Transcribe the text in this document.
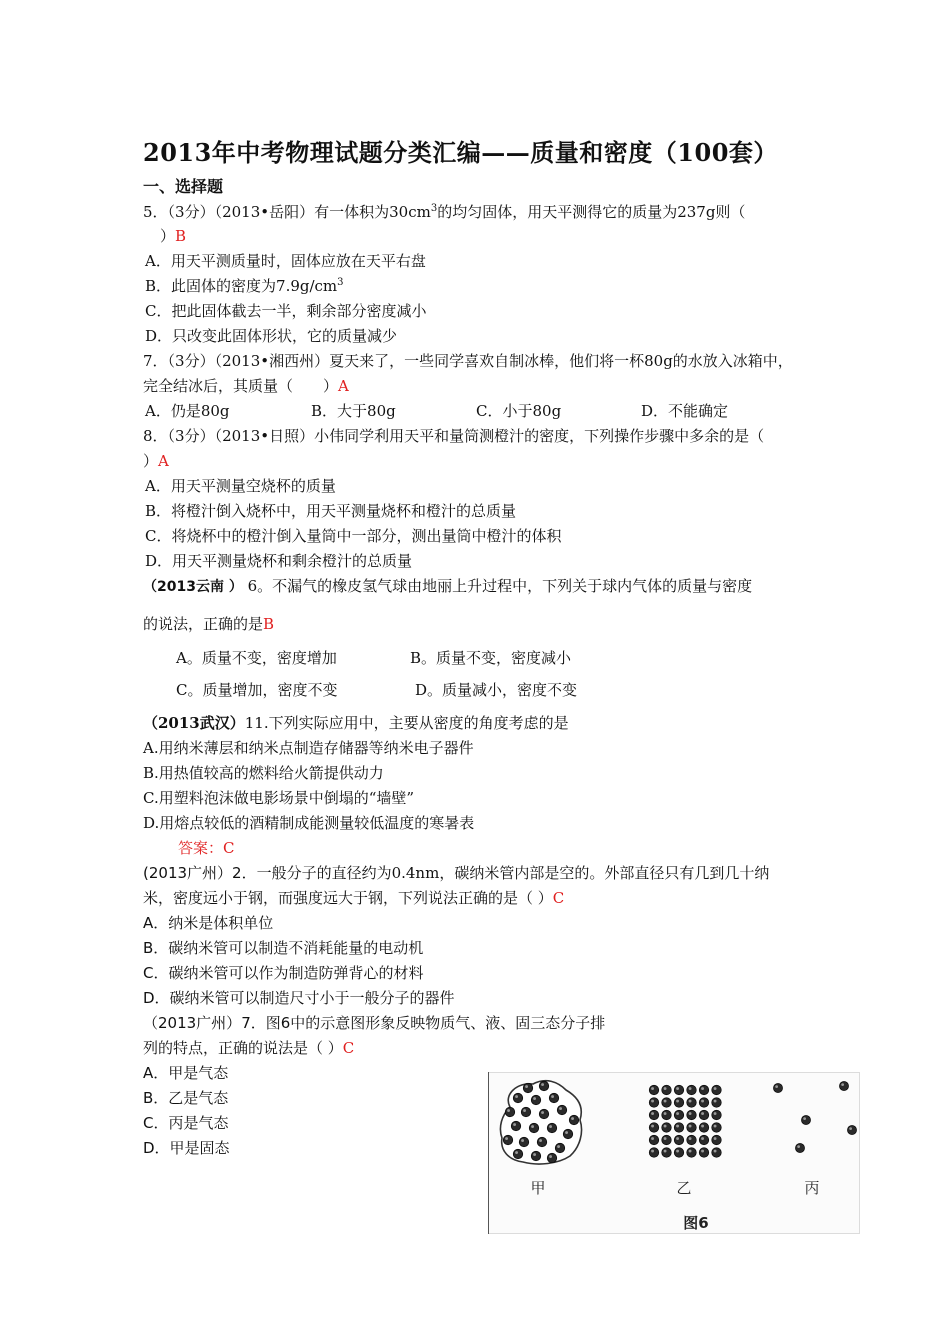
2013年中考物理试题分类汇编——质量和密度（100套）
一、选择题
5．（3分）（2013•岳阳）有一体积为$30cm^3$的均匀固体，用天平测得它的质量为237g则（
）B
A．用天平测质量时，固体应放在天平右盘
B．此固体的密度为$7.9g/cm^3$
C．把此固体截去一半，剩余部分密度减小
D．只改变此固体形状，它的质量减少
7．（3分）（2013•湘西州）夏天来了，一些同学喜欢自制冰棒，他们将一杯80g的水放入冰箱中，
完全结冰后，其质量（　　）A
A．仍是80g	B．大于80g	C．小于80g	D．不能确定
8．（3分）（2013•日照）小伟同学利用天平和量筒测橙汁的密度，下列操作步骤中多余的是（
）A
A．用天平测量空烧杯的质量
B．将橙汁倒入烧杯中，用天平测量烧杯和橙汁的总质量
C．将烧杯中的橙汁倒入量筒中一部分，测出量筒中橙汁的体积
D．用天平测量烧杯和剩余橙汁的总质量
（2013云南 ） 6。不漏气的橡皮氢气球由地丽上升过程中，下列关于球内气体的质量与密度
的说法，正确的是B
A。质量不变，密度增加	B。质量不变，密度减小
C。质量增加，密度不变	D。质量减小，密度不变
（2013武汉）11.下列实际应用中，主要从密度的角度考虑的是
A.用纳米薄层和纳米点制造存储器等纳米电子器件
B.用热值较高的燃料给火箭提供动力
C.用塑料泡沫做电影场景中倒塌的“墙壁”
D.用熔点较低的酒精制成能测量较低温度的寒暑表
答案：C
(2013广州）2．一般分子的直径约为0.4nm，碳纳米管内部是空的。外部直径只有几到几十纳
米，密度远小于钢，而强度远大于钢，下列说法正确的是（ ）C
A．纳米是体积单位
B．碳纳米管可以制造不消耗能量的电动机
C．碳纳米管可以作为制造防弹背心的材料
D．碳纳米管可以制造尺寸小于一般分子的器件
（2013广州）7．图6中的示意图形象反映物质气、液、固三态分子排
列的特点，正确的说法是（ ）C
A．甲是气态
B．乙是气态
C．丙是气态
D．甲是固态
甲	乙	丙
图6
